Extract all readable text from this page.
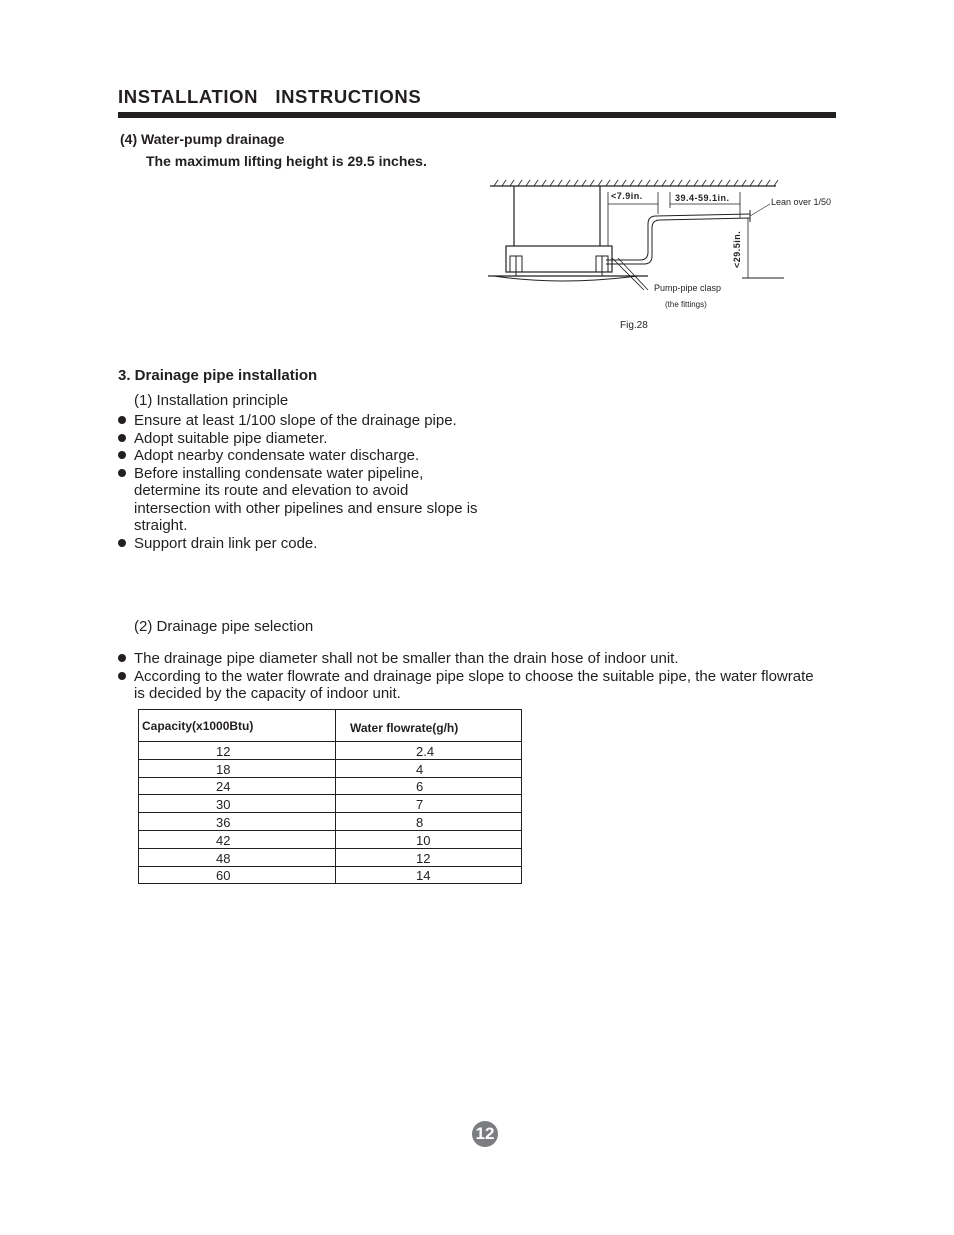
INSTALLATION   INSTRUCTIONS
(4) Water-pump drainage
The maximum lifting height is 29.5 inches.
<7.9in.	39.4-59.1in.
<29.5in.
Lean over 1/50
Pump-pipe clasp
(the fittings)
Fig.28
3. Drainage pipe installation
(1) Installation principle
Ensure at least 1/100 slope of the drainage pipe.
Adopt suitable pipe diameter.
Adopt nearby condensate water discharge.
Before installing condensate water pipeline, determine its route and elevation to avoid intersection with other pipelines and ensure slope is straight.
Support drain link per code.
(2) Drainage pipe selection
The drainage pipe diameter shall not be smaller than the drain hose of indoor unit.
According to the water flowrate and drainage pipe slope to choose the suitable pipe, the water flowrate is decided by the capacity of indoor unit.
Capacity(x1000Btu)	Water flowrate(g/h)
12	2.4
18	4
24	6
30	7
36	8
42	10
48	12
60	14
12
